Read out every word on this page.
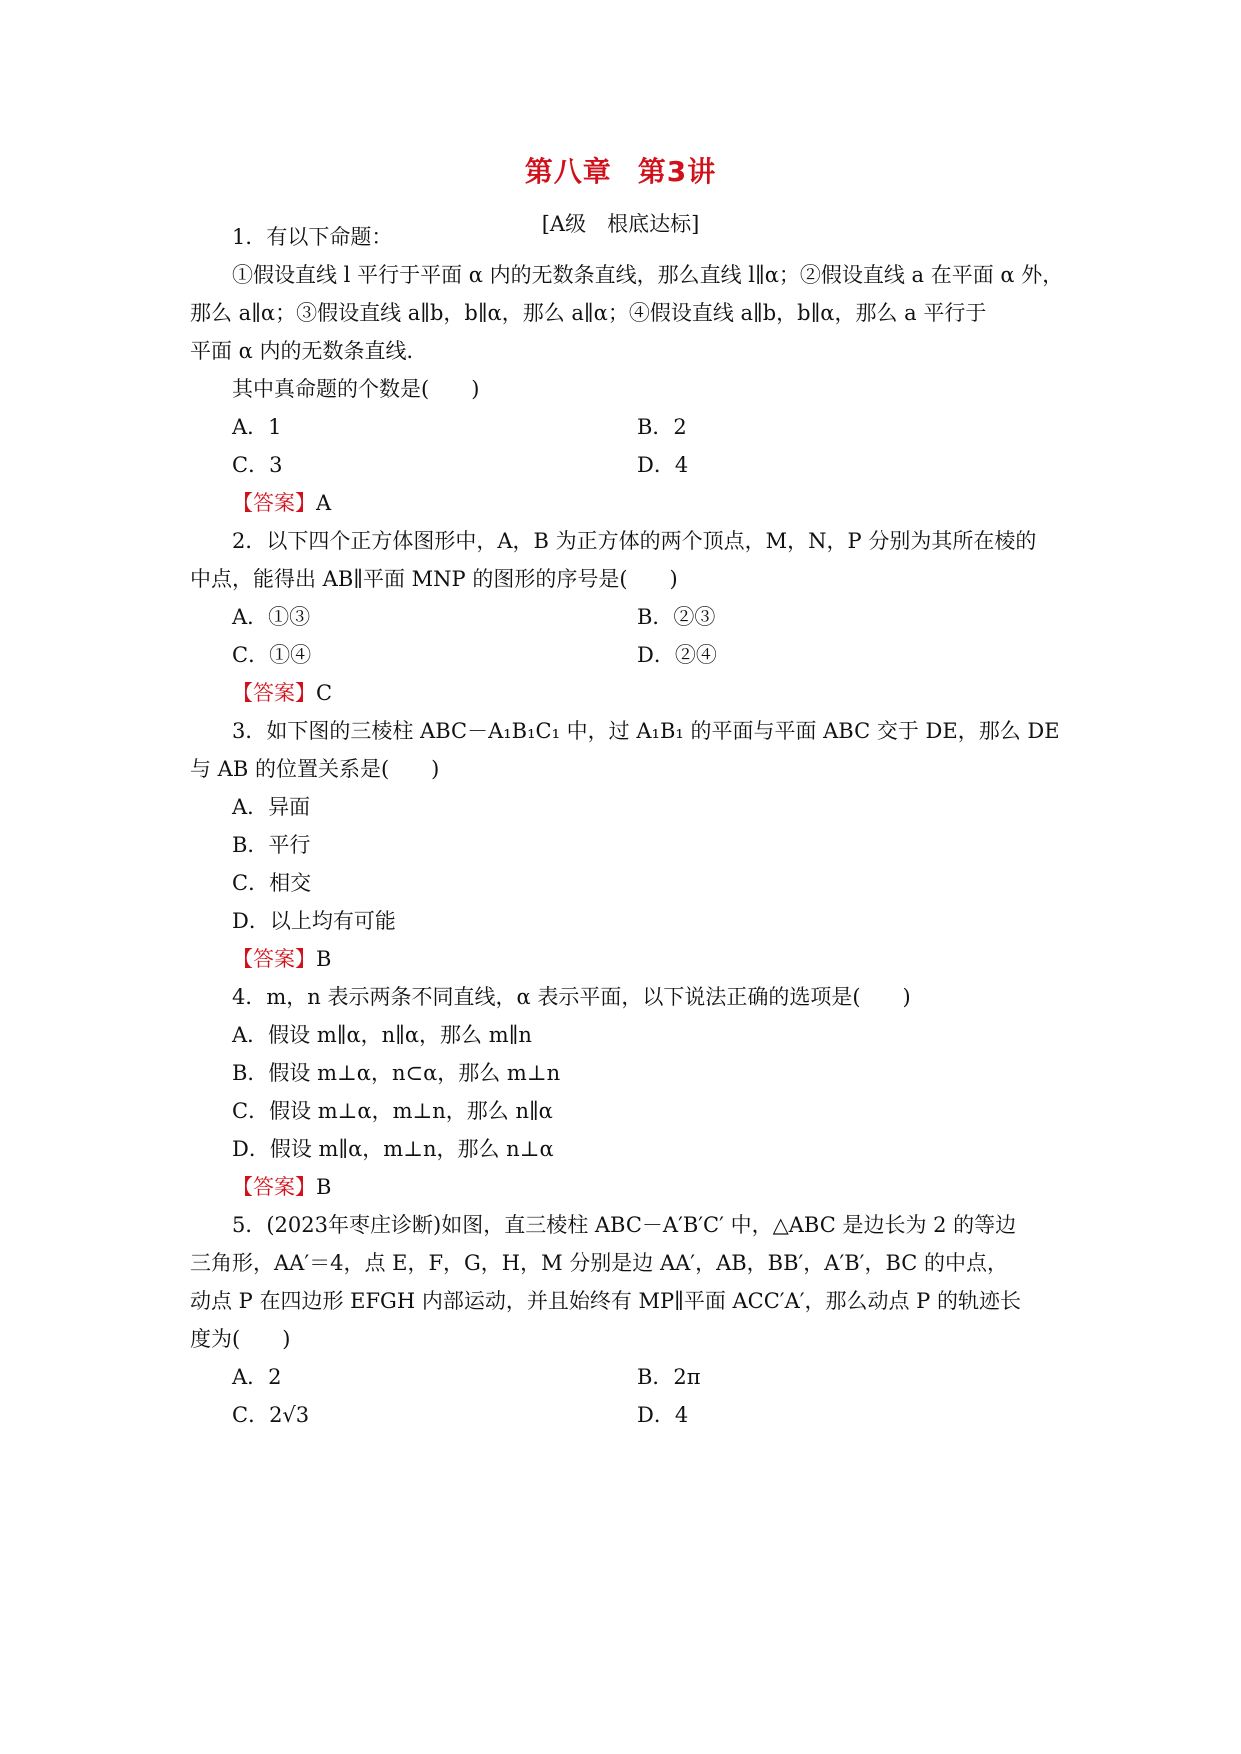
第八章 第3讲
[A级　根底达标]
1．有以下命题：
①假设直线 l 平行于平面 α 内的无数条直线，那么直线 l∥α；②假设直线 a 在平面 α 外，
那么 a∥α；③假设直线 a∥b，b∥α，那么 a∥α；④假设直线 a∥b，b∥α，那么 a 平行于
平面 α 内的无数条直线．
其中真命题的个数是(　　)
A．1	B．2
C．3	D．4
【答案】A
2．以下四个正方体图形中，A，B 为正方体的两个顶点，M，N，P 分别为其所在棱的
中点，能得出 AB∥平面 MNP 的图形的序号是(　　)
A．①③	B．②③
C．①④	D．②④
【答案】C
3．如下图的三棱柱 ABC－A₁B₁C₁ 中，过 A₁B₁ 的平面与平面 ABC 交于 DE，那么 DE
与 AB 的位置关系是(　　)
A．异面
B．平行
C．相交
D．以上均有可能
【答案】B
4．m，n 表示两条不同直线，α 表示平面，以下说法正确的选项是(　　)
A．假设 m∥α，n∥α，那么 m∥n
B．假设 m⊥α，n⊂α，那么 m⊥n
C．假设 m⊥α，m⊥n，那么 n∥α
D．假设 m∥α，m⊥n，那么 n⊥α
【答案】B
5．(2023年枣庄诊断)如图，直三棱柱 ABC－A′B′C′ 中，△ABC 是边长为 2 的等边
三角形，AA′＝4，点 E，F，G，H，M 分别是边 AA′，AB，BB′，A′B′，BC 的中点，
动点 P 在四边形 EFGH 内部运动，并且始终有 MP∥平面 ACC′A′，那么动点 P 的轨迹长
度为(　　)
A．2	B．2π
C．2√3	D．4
